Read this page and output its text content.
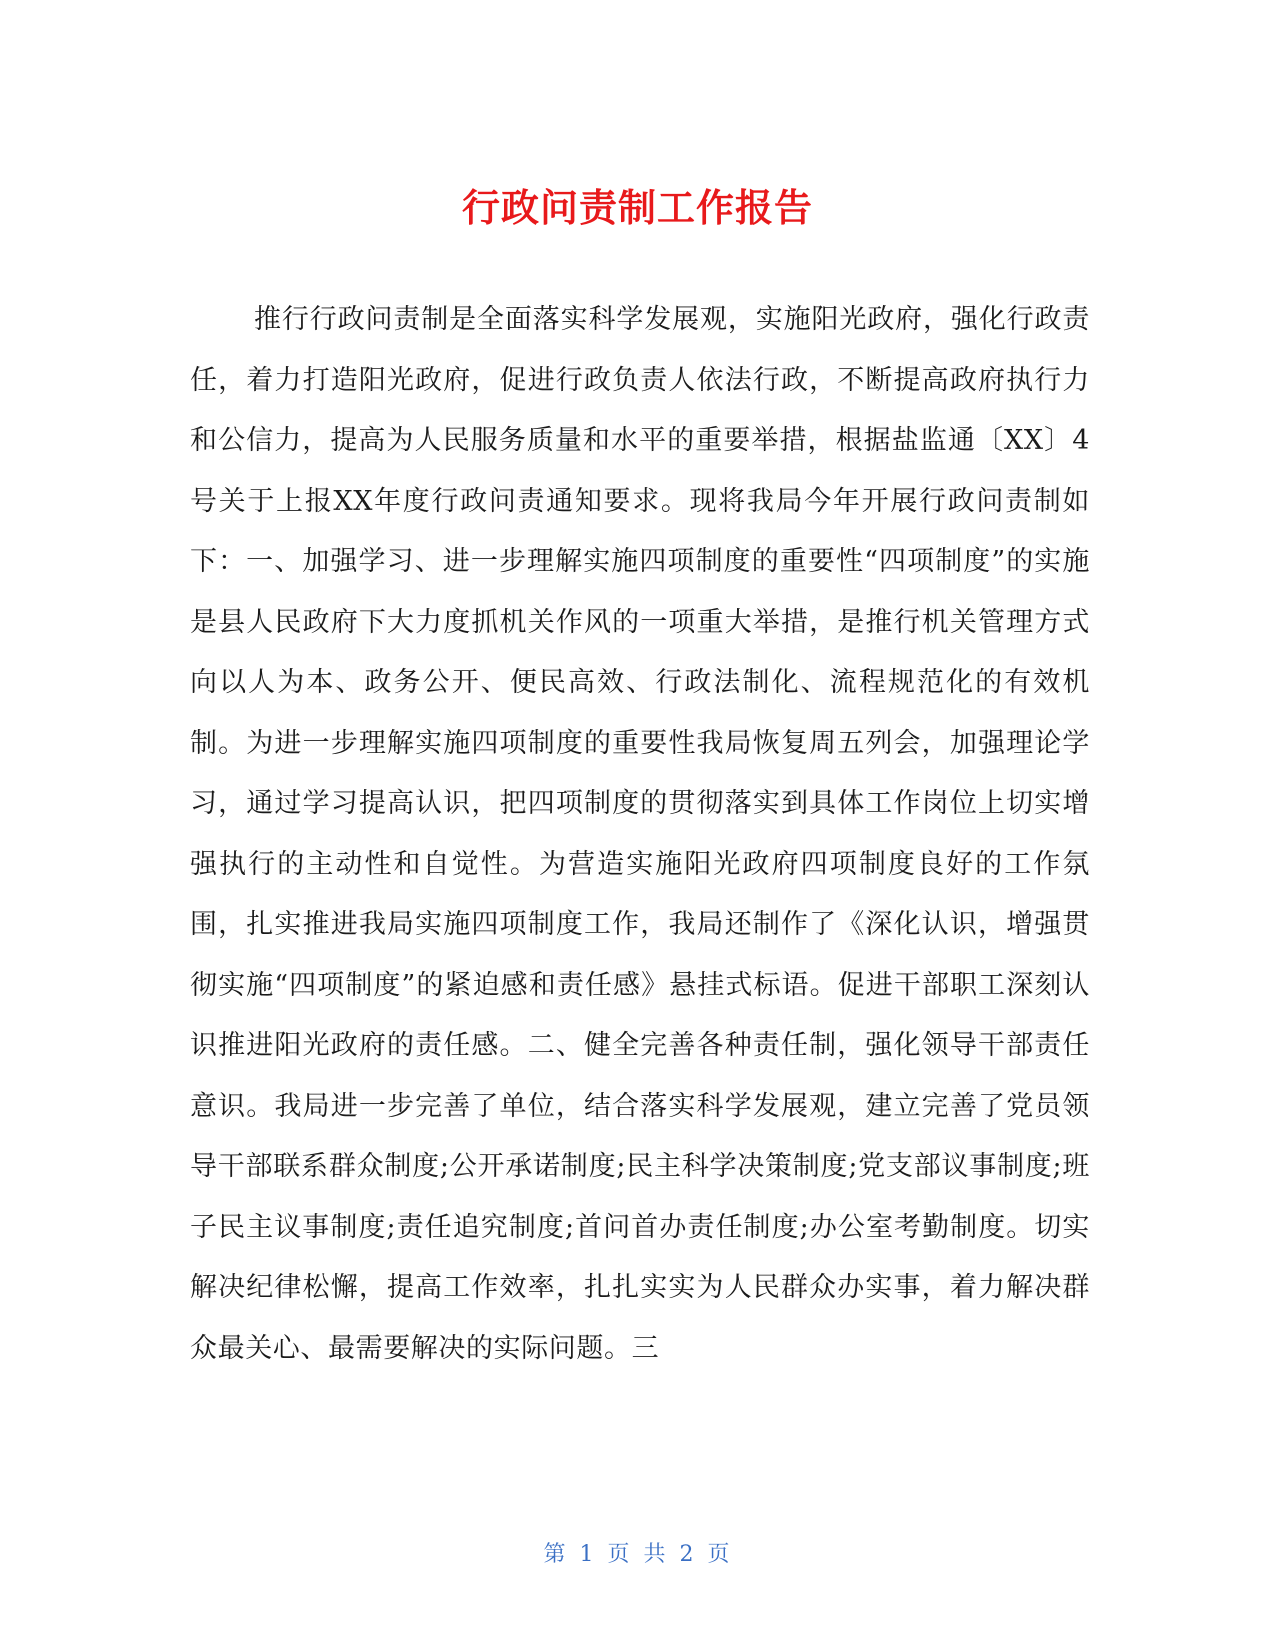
行政问责制工作报告

推行行政问责制是全面落实科学发展观，实施阳光政府，强化行政责任，着力打造阳光政府，促进行政负责人依法行政，不断提高政府执行力和公信力，提高为人民服务质量和水平的重要举措，根据盐监通〔XX〕4号关于上报XX年度行政问责通知要求。现将我局今年开展行政问责制如下：一、加强学习、进一步理解实施四项制度的重要性“四项制度”的实施是县人民政府下大力度抓机关作风的一项重大举措，是推行机关管理方式向以人为本、政务公开、便民高效、行政法制化、流程规范化的有效机制。为进一步理解实施四项制度的重要性我局恢复周五列会，加强理论学习，通过学习提高认识，把四项制度的贯彻落实到具体工作岗位上切实增强执行的主动性和自觉性。为营造实施阳光政府四项制度良好的工作氛围，扎实推进我局实施四项制度工作，我局还制作了《深化认识，增强贯彻实施“四项制度”的紧迫感和责任感》悬挂式标语。促进干部职工深刻认识推进阳光政府的责任感。二、健全完善各种责任制，强化领导干部责任意识。我局进一步完善了单位，结合落实科学发展观，建立完善了党员领导干部联系群众制度;公开承诺制度;民主科学决策制度;党支部议事制度;班子民主议事制度;责任追究制度;首问首办责任制度;办公室考勤制度。切实解决纪律松懈，提高工作效率，扎扎实实为人民群众办实事，着力解决群众最关心、最需要解决的实际问题。三

第 1 页 共 2 页
